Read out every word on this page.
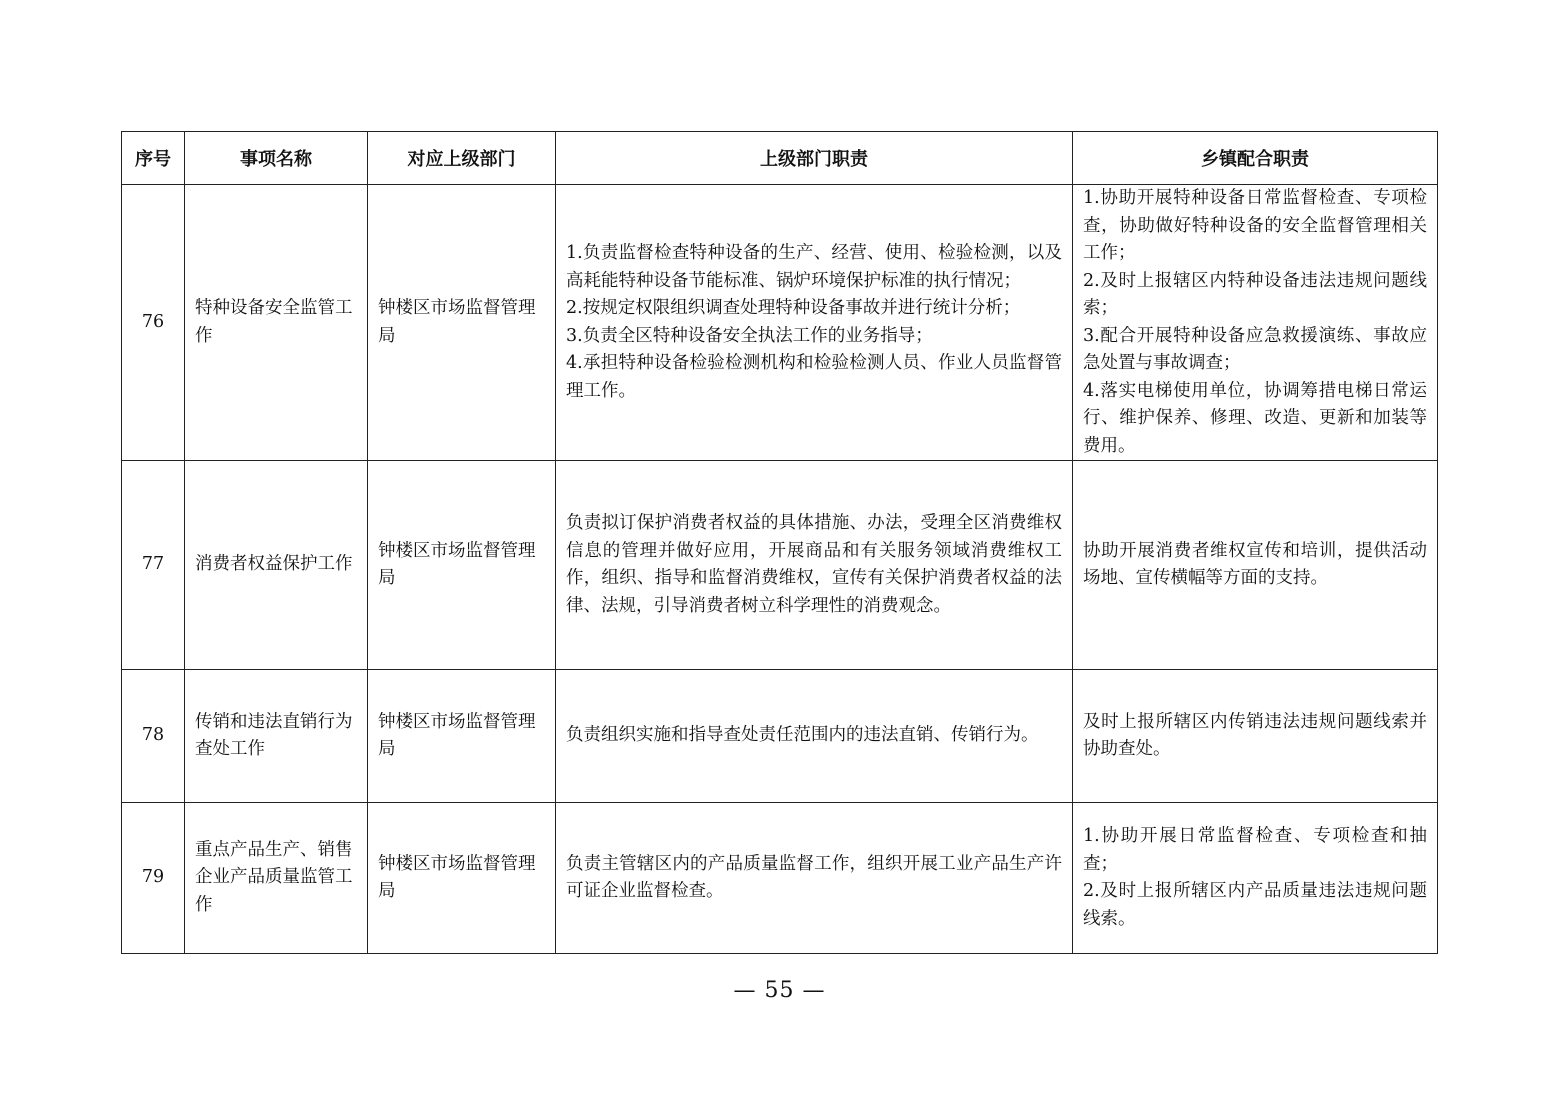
序号	事项名称	对应上级部门	上级部门职责	乡镇配合职责
76	特种设备安全监管工作	钟楼区市场监督管理局	1.负责监督检查特种设备的生产、经营、使用、检验检测，以及高耗能特种设备节能标准、锅炉环境保护标准的执行情况；
2.按规定权限组织调查处理特种设备事故并进行统计分析；
3.负责全区特种设备安全执法工作的业务指导；
4.承担特种设备检验检测机构和检验检测人员、作业人员监督管理工作。	1.协助开展特种设备日常监督检查、专项检查，协助做好特种设备的安全监督管理相关工作；
2.及时上报辖区内特种设备违法违规问题线索；
3.配合开展特种设备应急救援演练、事故应急处置与事故调查；
4.落实电梯使用单位，协调筹措电梯日常运行、维护保养、修理、改造、更新和加装等费用。
77	消费者权益保护工作	钟楼区市场监督管理局	负责拟订保护消费者权益的具体措施、办法，受理全区消费维权信息的管理并做好应用，开展商品和有关服务领域消费维权工作，组织、指导和监督消费维权，宣传有关保护消费者权益的法律、法规，引导消费者树立科学理性的消费观念。	协助开展消费者维权宣传和培训，提供活动场地、宣传横幅等方面的支持。
78	传销和违法直销行为查处工作	钟楼区市场监督管理局	负责组织实施和指导查处责任范围内的违法直销、传销行为。	及时上报所辖区内传销违法违规问题线索并协助查处。
79	重点产品生产、销售企业产品质量监管工作	钟楼区市场监督管理局	负责主管辖区内的产品质量监督工作，组织开展工业产品生产许可证企业监督检查。	1.协助开展日常监督检查、专项检查和抽查；
2.及时上报所辖区内产品质量违法违规问题线索。
— 55 —
